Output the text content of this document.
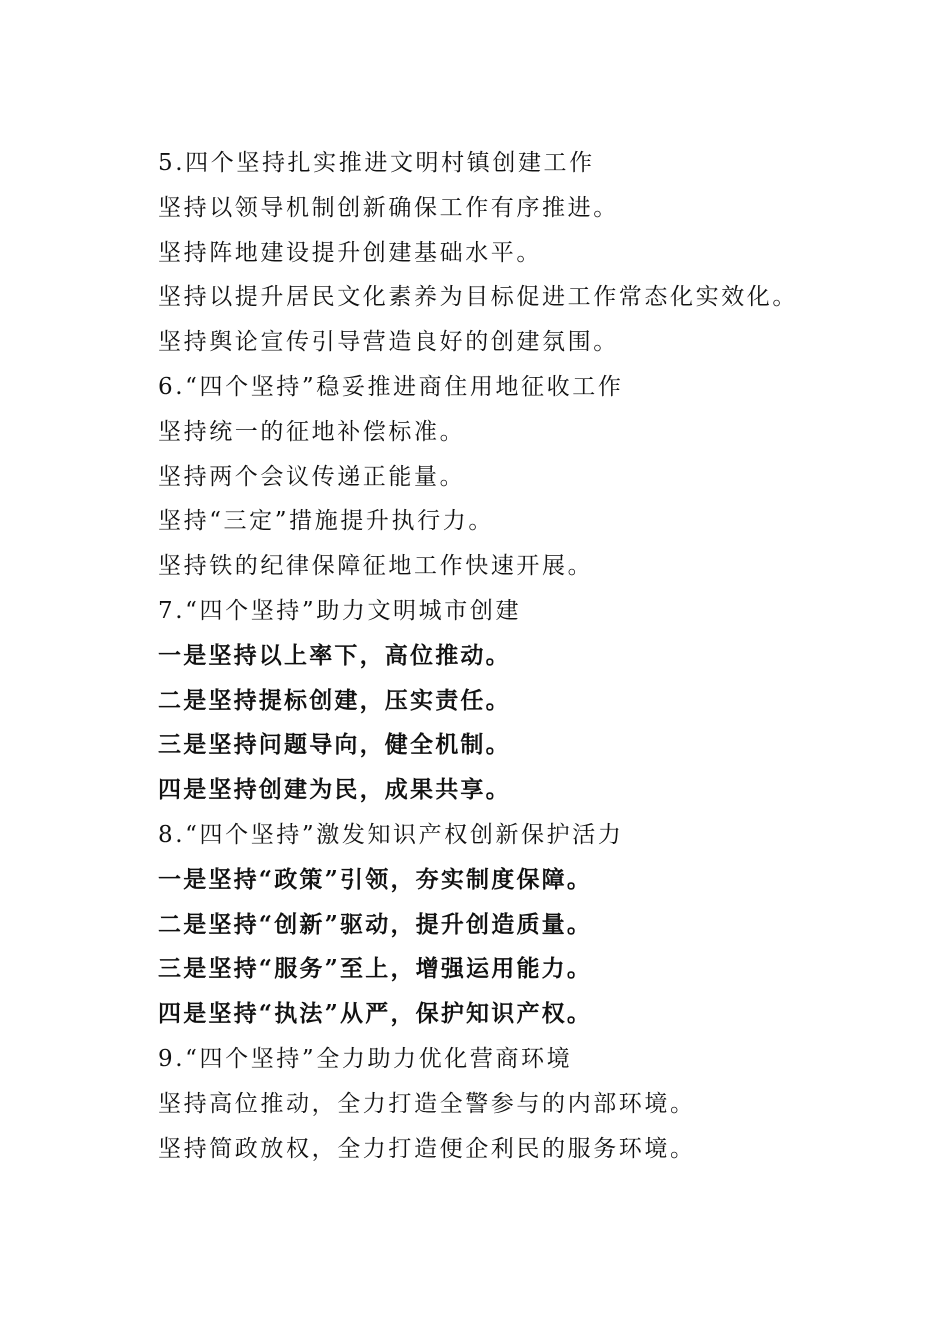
5.四个坚持扎实推进文明村镇创建工作
坚持以领导机制创新确保工作有序推进。
坚持阵地建设提升创建基础水平。
坚持以提升居民文化素养为目标促进工作常态化实效化。
坚持舆论宣传引导营造良好的创建氛围。
6.“四个坚持”稳妥推进商住用地征收工作
坚持统一的征地补偿标准。
坚持两个会议传递正能量。
坚持“三定”措施提升执行力。
坚持铁的纪律保障征地工作快速开展。
7.“四个坚持”助力文明城市创建
一是坚持以上率下，高位推动。
二是坚持提标创建，压实责任。
三是坚持问题导向，健全机制。
四是坚持创建为民，成果共享。
8.“四个坚持”激发知识产权创新保护活力
一是坚持“政策”引领，夯实制度保障。
二是坚持“创新”驱动，提升创造质量。
三是坚持“服务”至上，增强运用能力。
四是坚持“执法”从严，保护知识产权。
9.“四个坚持”全力助力优化营商环境
坚持高位推动，全力打造全警参与的内部环境。
坚持简政放权，全力打造便企利民的服务环境。
